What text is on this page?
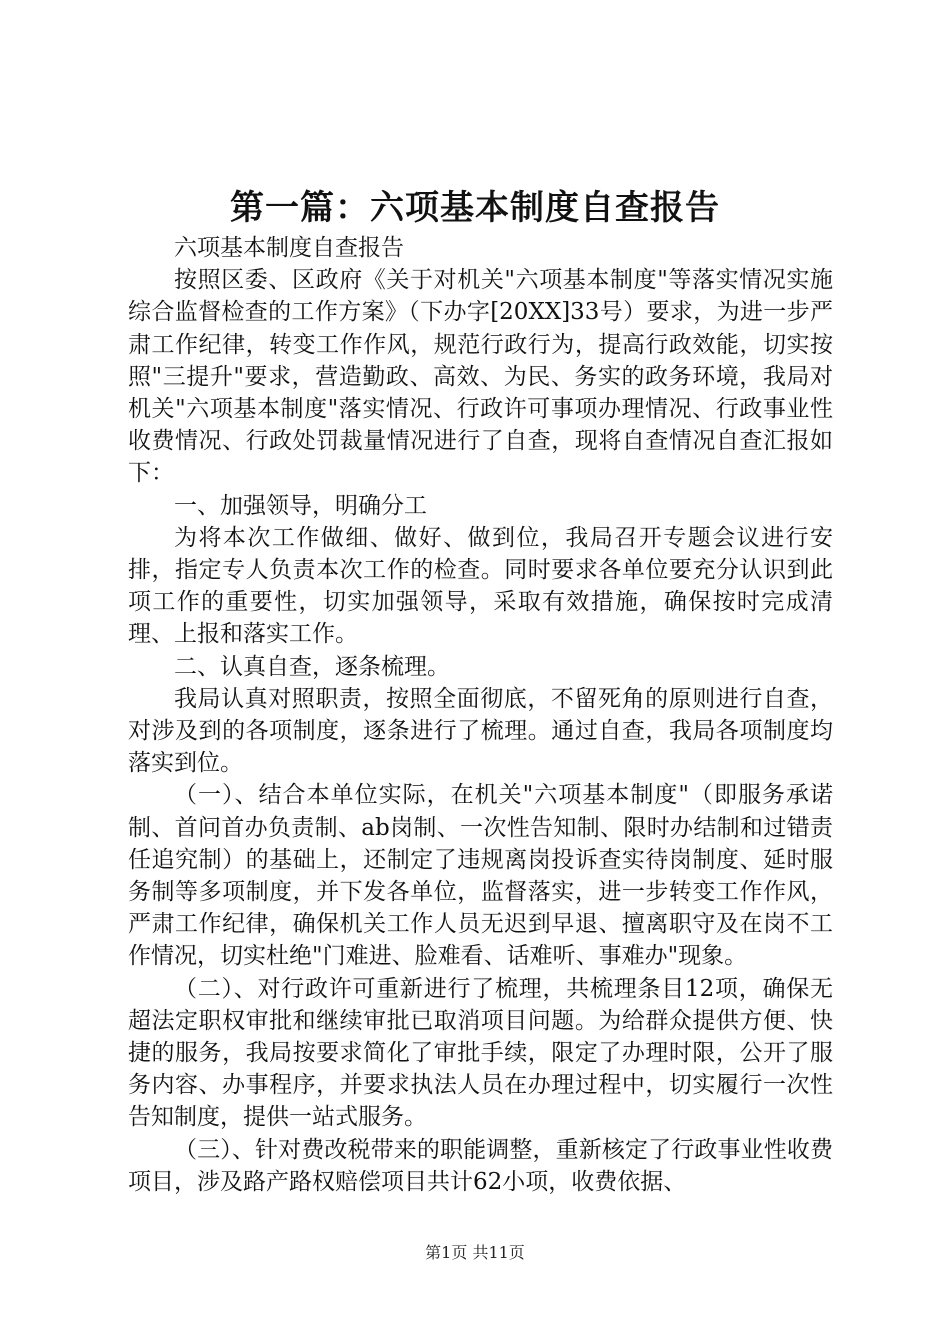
第一篇：六项基本制度自查报告

六项基本制度自查报告

按照区委、区政府《关于对机关"六项基本制度"等落实情况实施综合监督检查的工作方案》（下办字[20XX]33号）要求，为进一步严肃工作纪律，转变工作作风，规范行政行为，提高行政效能，切实按照"三提升"要求，营造勤政、高效、为民、务实的政务环境，我局对机关"六项基本制度"落实情况、行政许可事项办理情况、行政事业性收费情况、行政处罚裁量情况进行了自查，现将自查情况自查汇报如下：

一、加强领导，明确分工

为将本次工作做细、做好、做到位，我局召开专题会议进行安排，指定专人负责本次工作的检查。同时要求各单位要充分认识到此项工作的重要性，切实加强领导，采取有效措施，确保按时完成清理、上报和落实工作。

二、认真自查，逐条梳理。

我局认真对照职责，按照全面彻底，不留死角的原则进行自查，对涉及到的各项制度，逐条进行了梳理。通过自查，我局各项制度均落实到位。

（一）、结合本单位实际，在机关"六项基本制度"（即服务承诺制、首问首办负责制、ab岗制、一次性告知制、限时办结制和过错责任追究制）的基础上，还制定了违规离岗投诉查实待岗制度、延时服务制等多项制度，并下发各单位，监督落实，进一步转变工作作风，严肃工作纪律，确保机关工作人员无迟到早退、擅离职守及在岗不工作情况，切实杜绝"门难进、脸难看、话难听、事难办"现象。

（二）、对行政许可重新进行了梳理，共梳理条目12项，确保无超法定职权审批和继续审批已取消项目问题。为给群众提供方便、快捷的服务，我局按要求简化了审批手续，限定了办理时限，公开了服务内容、办事程序，并要求执法人员在办理过程中，切实履行一次性告知制度，提供一站式服务。

（三）、针对费改税带来的职能调整，重新核定了行政事业性收费项目，涉及路产路权赔偿项目共计62小项，收费依据、

第1页 共11页
